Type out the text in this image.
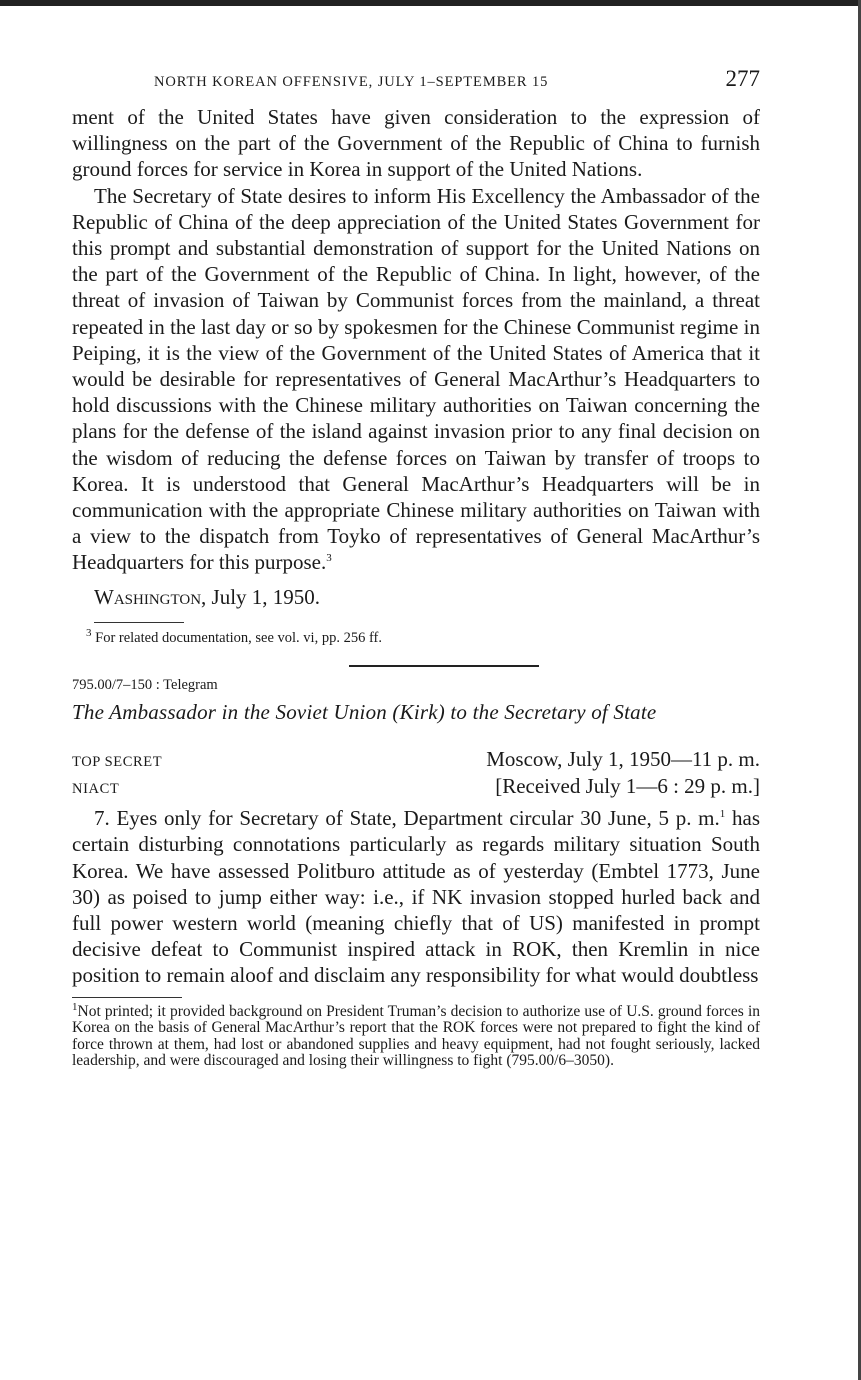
NORTH KOREAN OFFENSIVE, JULY 1–SEPTEMBER 15	277

ment of the United States have given consideration to the expression of willingness on the part of the Government of the Republic of China to furnish ground forces for service in Korea in support of the United Nations.

The Secretary of State desires to inform His Excellency the Ambassador of the Republic of China of the deep appreciation of the United States Government for this prompt and substantial demonstration of support for the United Nations on the part of the Government of the Republic of China. In light, however, of the threat of invasion of Taiwan by Communist forces from the mainland, a threat repeated in the last day or so by spokesmen for the Chinese Communist regime in Peiping, it is the view of the Government of the United States of America that it would be desirable for representatives of General MacArthur’s Headquarters to hold discussions with the Chinese military authorities on Taiwan concerning the plans for the defense of the island against invasion prior to any final decision on the wisdom of reducing the defense forces on Taiwan by transfer of troops to Korea. It is understood that General MacArthur’s Headquarters will be in communication with the appropriate Chinese military authorities on Taiwan with a view to the dispatch from Toyko of representatives of General MacArthur’s Headquarters for this purpose.$^3$

Washington, July 1, 1950.

$^3$ For related documentation, see vol. vi, pp. 256 ff.

795.00/7–150 : Telegram

The Ambassador in the Soviet Union (Kirk) to the Secretary of State

TOP SECRET	Moscow, July 1, 1950—11 p. m.
NIACT	[Received July 1—6 : 29 p. m.]

7. Eyes only for Secretary of State, Department circular 30 June, 5 p. m.$^1$ has certain disturbing connotations particularly as regards military situation South Korea. We have assessed Politburo attitude as of yesterday (Embtel 1773, June 30) as poised to jump either way: i.e., if NK invasion stopped hurled back and full power western world (meaning chiefly that of US) manifested in prompt decisive defeat to Communist inspired attack in ROK, then Kremlin in nice position to remain aloof and disclaim any responsibility for what would doubtless

$^1$Not printed; it provided background on President Truman’s decision to authorize use of U.S. ground forces in Korea on the basis of General MacArthur’s report that the ROK forces were not prepared to fight the kind of force thrown at them, had lost or abandoned supplies and heavy equipment, had not fought seriously, lacked leadership, and were discouraged and losing their willingness to fight (795.00/6–3050).
